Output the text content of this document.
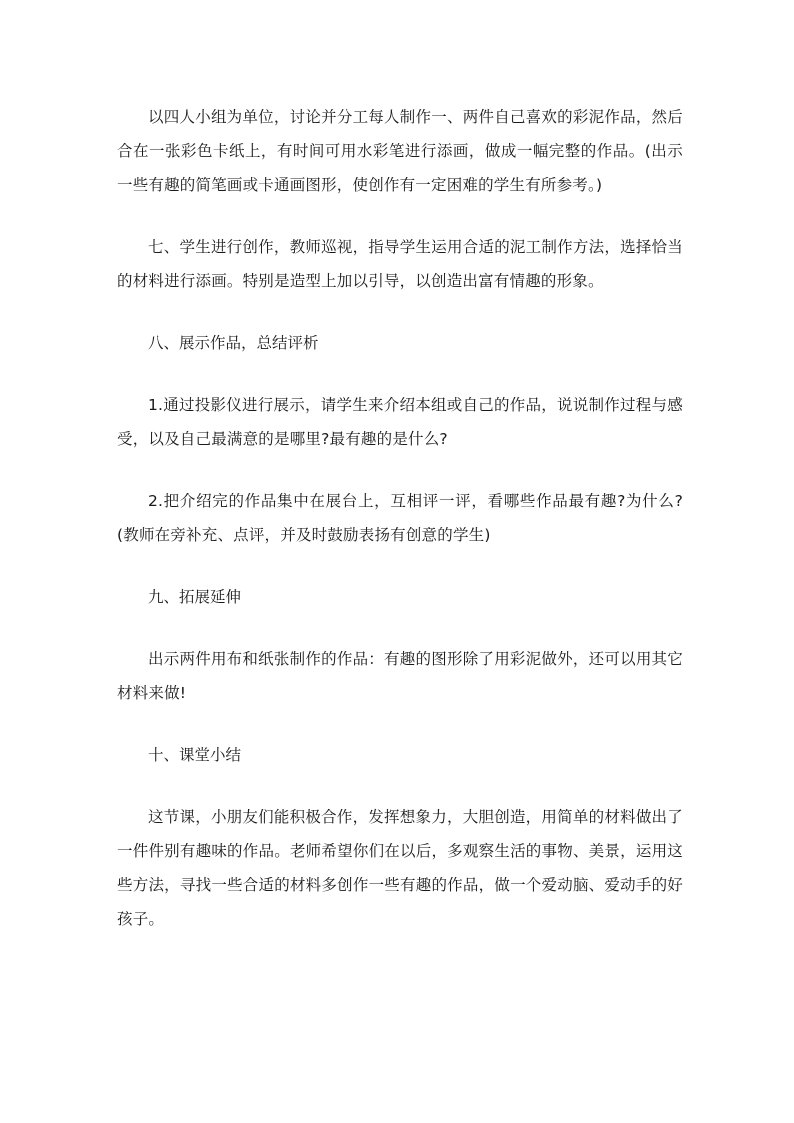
以四人小组为单位，讨论并分工每人制作一、两件自己喜欢的彩泥作品，然后合在一张彩色卡纸上，有时间可用水彩笔进行添画，做成一幅完整的作品。(出示一些有趣的简笔画或卡通画图形，使创作有一定困难的学生有所参考。)

七、学生进行创作，教师巡视，指导学生运用合适的泥工制作方法，选择恰当的材料进行添画。特别是造型上加以引导，以创造出富有情趣的形象。

八、展示作品，总结评析

1.通过投影仪进行展示，请学生来介绍本组或自己的作品，说说制作过程与感受，以及自己最满意的是哪里?最有趣的是什么?

2.把介绍完的作品集中在展台上，互相评一评，看哪些作品最有趣?为什么?(教师在旁补充、点评，并及时鼓励表扬有创意的学生)

九、拓展延伸

出示两件用布和纸张制作的作品：有趣的图形除了用彩泥做外，还可以用其它材料来做!

十、课堂小结

这节课，小朋友们能积极合作，发挥想象力，大胆创造，用简单的材料做出了一件件别有趣味的作品。老师希望你们在以后，多观察生活的事物、美景，运用这些方法，寻找一些合适的材料多创作一些有趣的作品，做一个爱动脑、爱动手的好孩子。
